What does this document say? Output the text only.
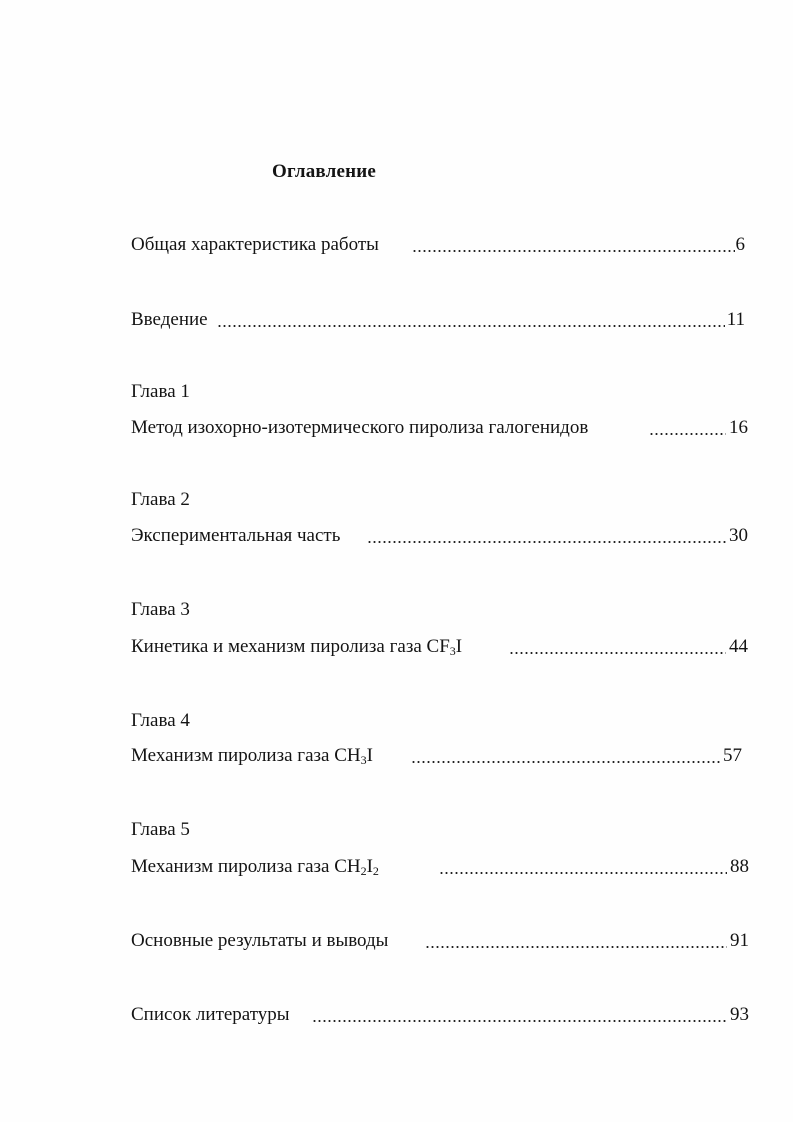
Оглавление
Общая характеристика работы	6
Введение	11
Глава 1
Метод изохорно-изотермического пиролиза галогенидов	16
Глава 2
Экспериментальная часть	30
Глава 3
Кинетика и механизм пиролиза газа $CF_3I$	44
Глава 4
Механизм пиролиза газа $CH_3I$	57
Глава 5
Механизм пиролиза газа $CH_2I_2$	88
Основные результаты и выводы	91
Список литературы	93
